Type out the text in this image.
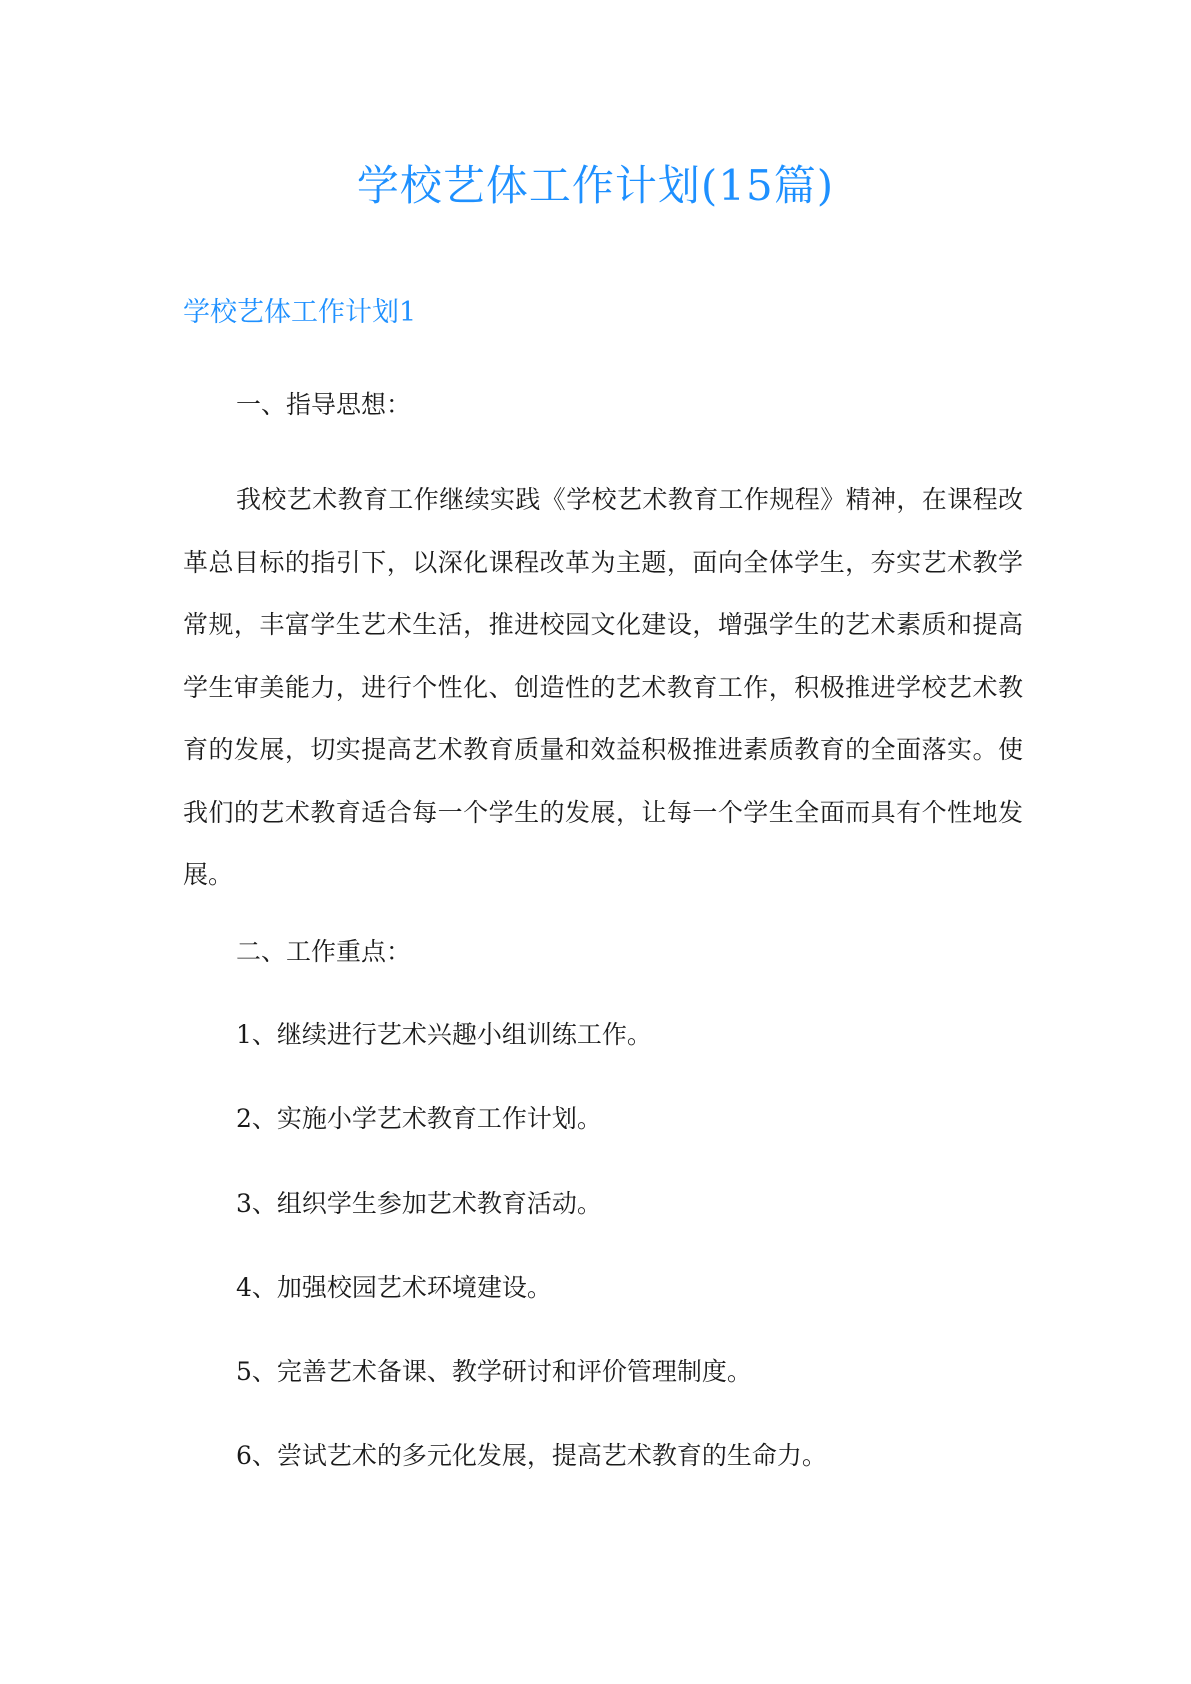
学校艺体工作计划(15篇)
学校艺体工作计划1
一、指导思想：

我校艺术教育工作继续实践《学校艺术教育工作规程》精神，在课程改革总目标的指引下，以深化课程改革为主题，面向全体学生，夯实艺术教学常规，丰富学生艺术生活，推进校园文化建设，增强学生的艺术素质和提高学生审美能力，进行个性化、创造性的艺术教育工作，积极推进学校艺术教育的发展，切实提高艺术教育质量和效益积极推进素质教育的全面落实。使我们的艺术教育适合每一个学生的发展，让每一个学生全面而具有个性地发展。

二、工作重点：
1、继续进行艺术兴趣小组训练工作。
2、实施小学艺术教育工作计划。
3、组织学生参加艺术教育活动。
4、加强校园艺术环境建设。
5、完善艺术备课、教学研讨和评价管理制度。
6、尝试艺术的多元化发展，提高艺术教育的生命力。
